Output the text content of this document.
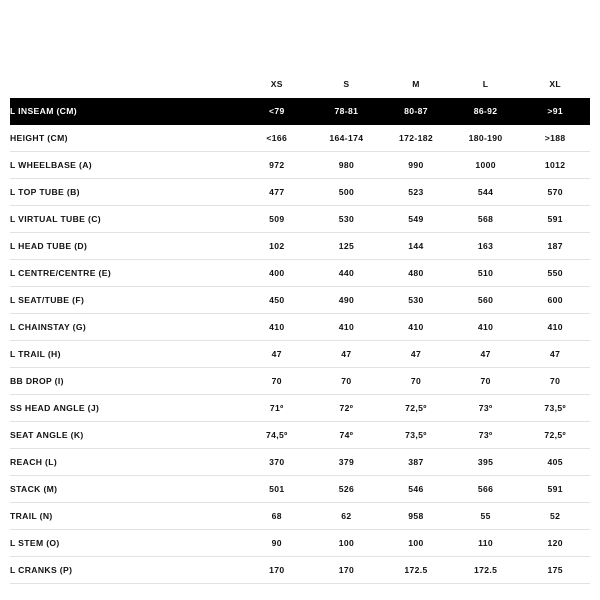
	XS	S	M	L	XL
L INSEAM (CM)	<79	78-81	80-87	86-92	>91
HEIGHT (CM)	<166	164-174	172-182	180-190	>188
L WHEELBASE (A)	972	980	990	1000	1012
L TOP TUBE (B)	477	500	523	544	570
L VIRTUAL TUBE (C)	509	530	549	568	591
L HEAD TUBE (D)	102	125	144	163	187
L CENTRE/CENTRE (E)	400	440	480	510	550
L SEAT/TUBE (F)	450	490	530	560	600
L CHAINSTAY (G)	410	410	410	410	410
L TRAIL (H)	47	47	47	47	47
BB DROP (I)	70	70	70	70	70
SS HEAD ANGLE (J)	71º	72º	72,5º	73º	73,5º
SEAT ANGLE (K)	74,5º	74º	73,5º	73º	72,5º
REACH (L)	370	379	387	395	405
STACK (M)	501	526	546	566	591
TRAIL (N)	68	62	958	55	52
L STEM (O)	90	100	100	110	120
L CRANKS (P)	170	170	172.5	172.5	175
